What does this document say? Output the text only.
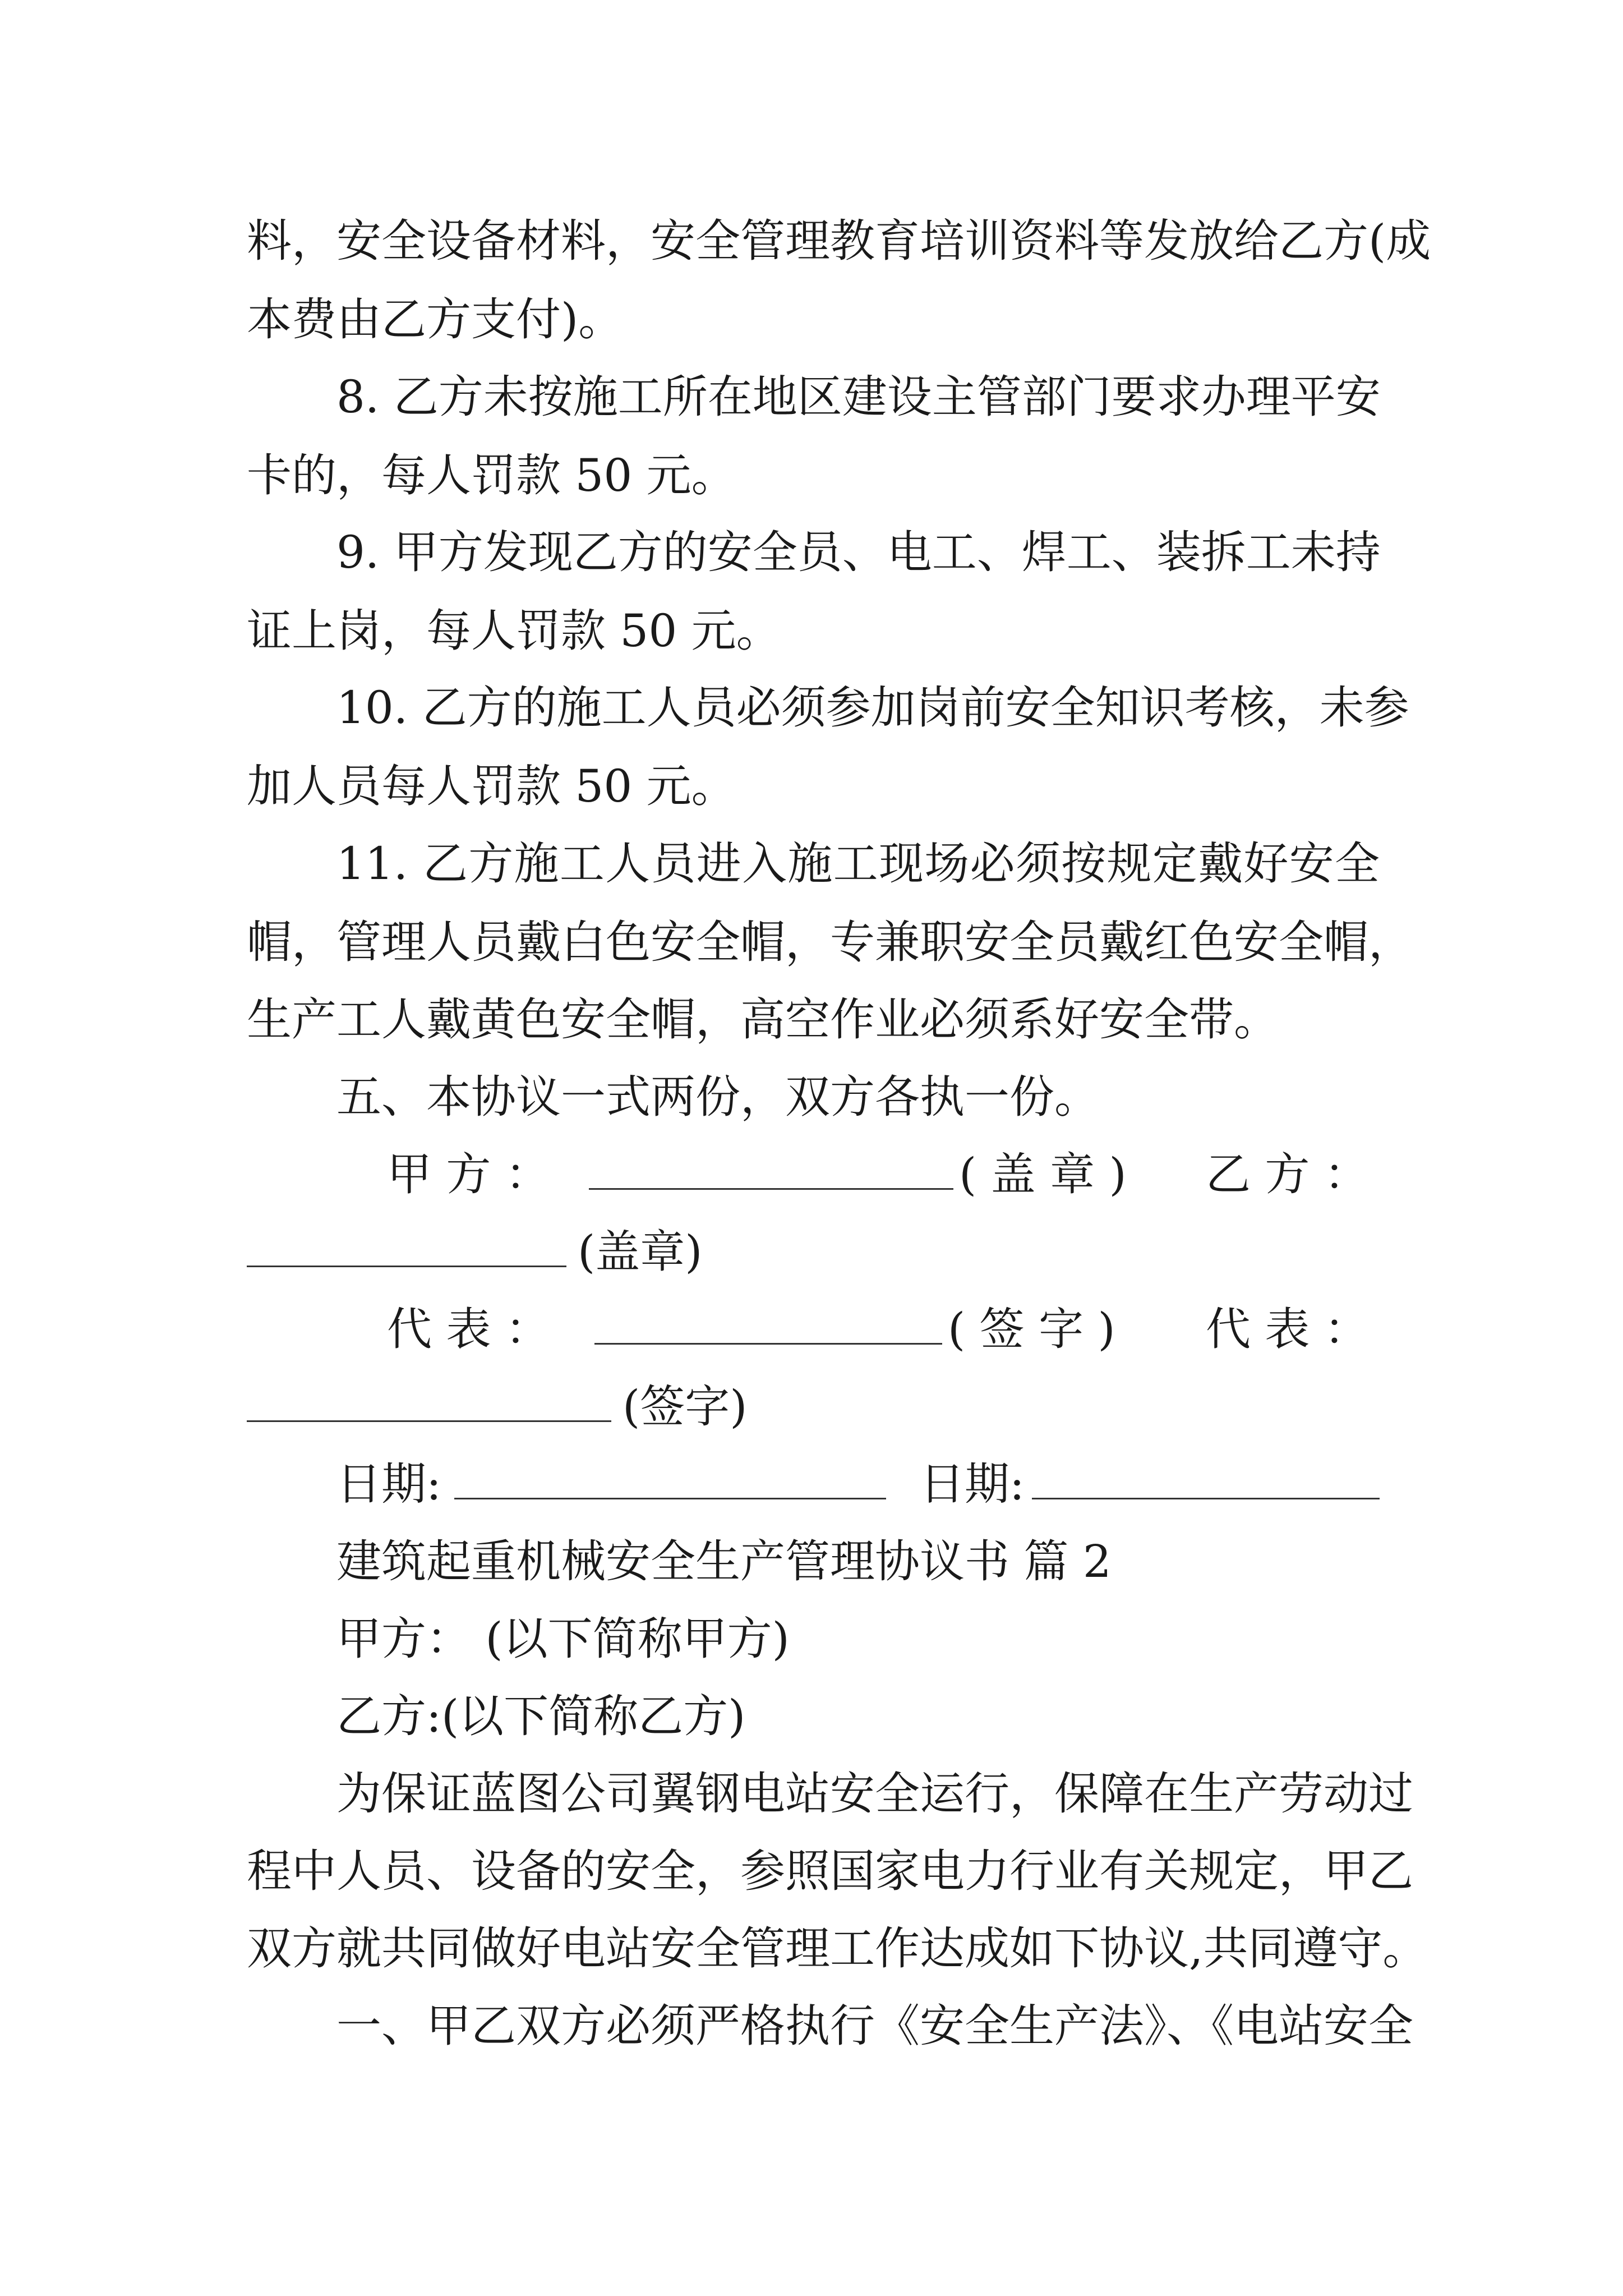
料，安全设备材料，安全管理教育培训资料等发放给乙方(成
本费由乙方支付)。
8. 乙方未按施工所在地区建设主管部门要求办理平安
卡的，每人罚款 50 元。
9. 甲方发现乙方的安全员、电工、焊工、装拆工未持
证上岗，每人罚款 50 元。
10. 乙方的施工人员必须参加岗前安全知识考核，未参
加人员每人罚款 50 元。
11. 乙方施工人员进入施工现场必须按规定戴好安全
帽，管理人员戴白色安全帽，专兼职安全员戴红色安全帽，
生产工人戴黄色安全帽，高空作业必须系好安全带。
五、本协议一式两份，双方各执一份。
甲 方 ：	( 盖 章 ) 乙 方 ：
(盖章)
代 表 ：	( 签 字 ) 代 表 ：
(签字)
日期:	日期:
建筑起重机械安全生产管理协议书 篇 2
甲方： (以下简称甲方)
乙方:(以下简称乙方)
为保证蓝图公司翼钢电站安全运行，保障在生产劳动过
程中人员、设备的安全，参照国家电力行业有关规定，甲乙
双方就共同做好电站安全管理工作达成如下协议,共同遵守。
一、甲乙双方必须严格执行《安全生产法》、《电站安全
